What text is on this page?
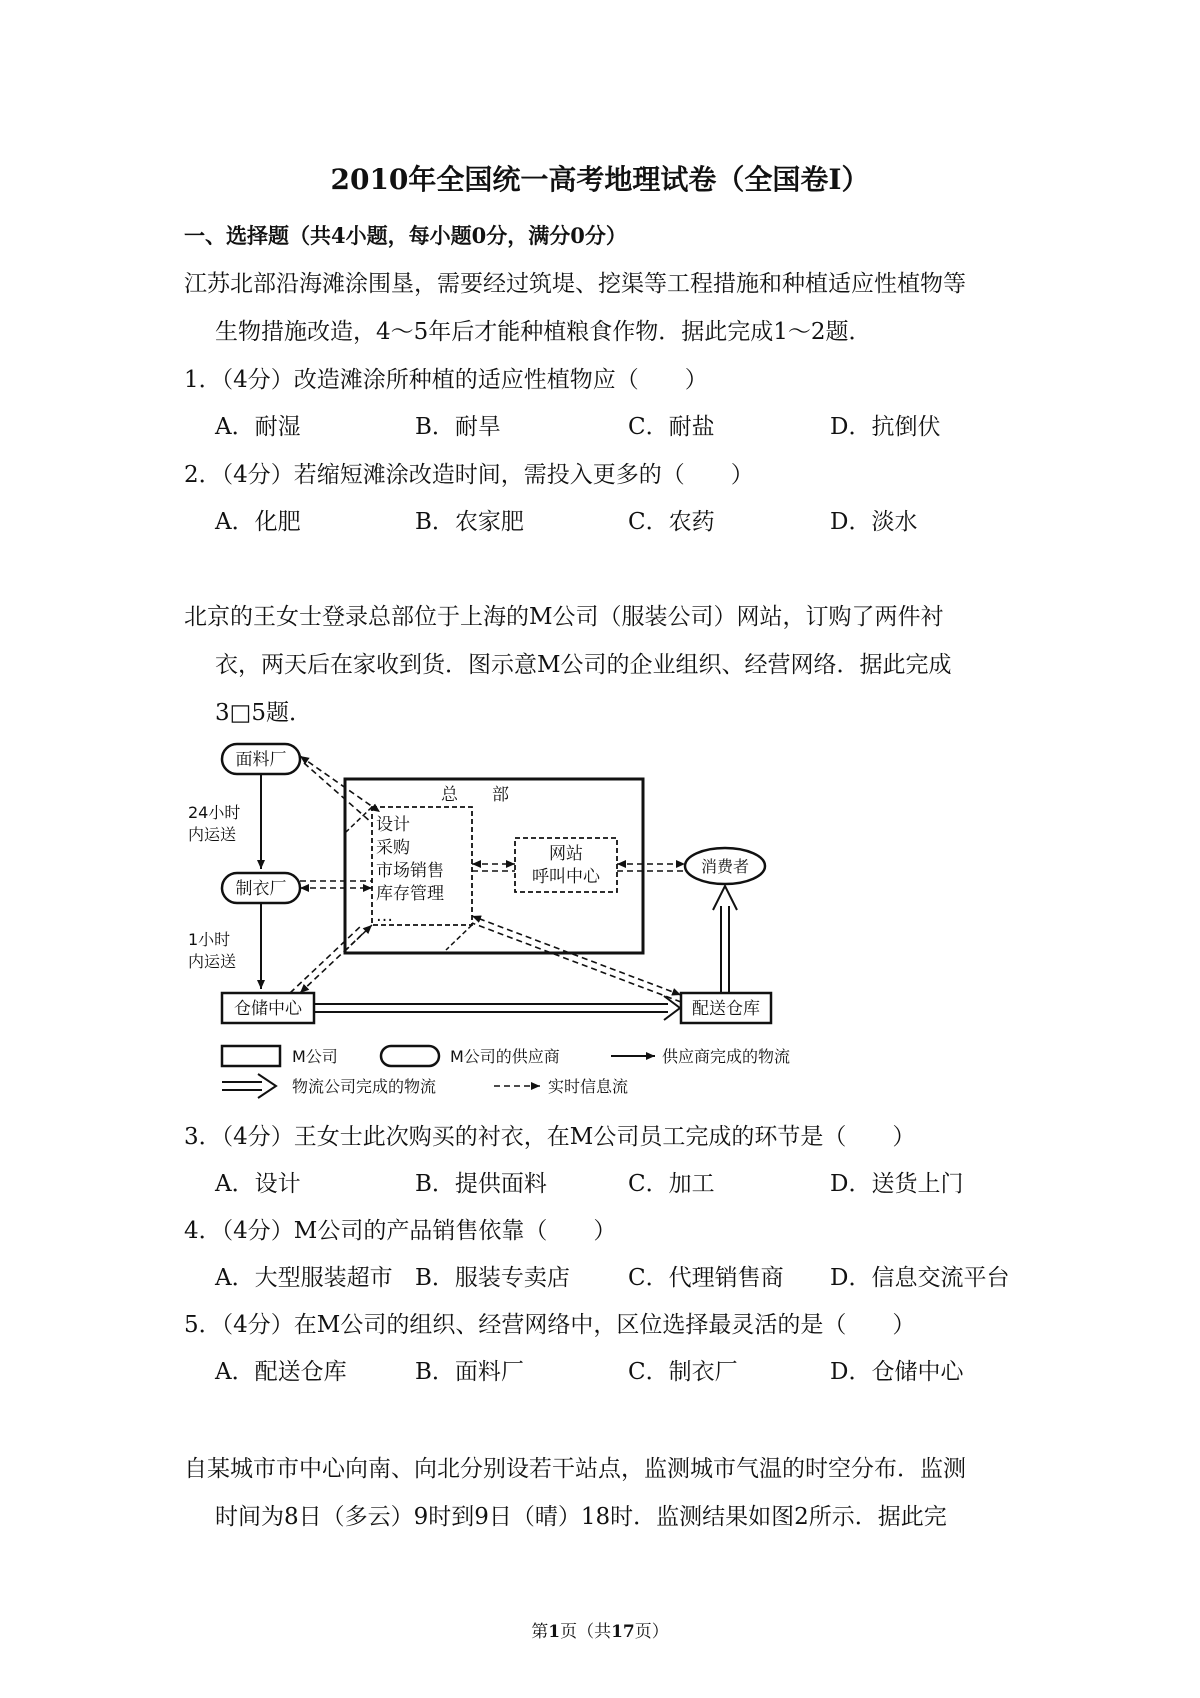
2010年全国统一高考地理试卷（全国卷I）
一、选择题（共4小题，每小题0分，满分0分）
江苏北部沿海滩涂围垦，需要经过筑堤、挖渠等工程措施和种植适应性植物等
生物措施改造，4～5年后才能种植粮食作物．据此完成1～2题．
1．（4分）改造滩涂所种植的适应性植物应（　　）
A．耐湿	B．耐旱	C．耐盐	D．抗倒伏
2．（4分）若缩短滩涂改造时间，需投入更多的（　　）
A．化肥	B．农家肥	C．农药	D．淡水
北京的王女士登录总部位于上海的M公司（服装公司）网站，订购了两件衬
衣，两天后在家收到货．图示意M公司的企业组织、经营网络．据此完成
3□5题．
面料厂
制衣厂
仓储中心	配送仓库
消费者
总　　部
设计
采购
市场销售
库存管理
…
网站
呼叫中心
24小时
内运送
1小时
内运送
M公司	M公司的供应商	供应商完成的物流
物流公司完成的物流	实时信息流
3．（4分）王女士此次购买的衬衣，在M公司员工完成的环节是（　　）
A．设计	B．提供面料	C．加工	D．送货上门
4．（4分）M公司的产品销售依靠（　　）
A．大型服装超市 B．服装专卖店	C．代理销售商 D．信息交流平台
5．（4分）在M公司的组织、经营网络中，区位选择最灵活的是（　　）
A．配送仓库	B．面料厂	C．制衣厂	D．仓储中心
自某城市市中心向南、向北分别设若干站点，监测城市气温的时空分布．监测
时间为8日（多云）9时到9日（晴）18时．监测结果如图2所示．据此完
第1页（共17页）
